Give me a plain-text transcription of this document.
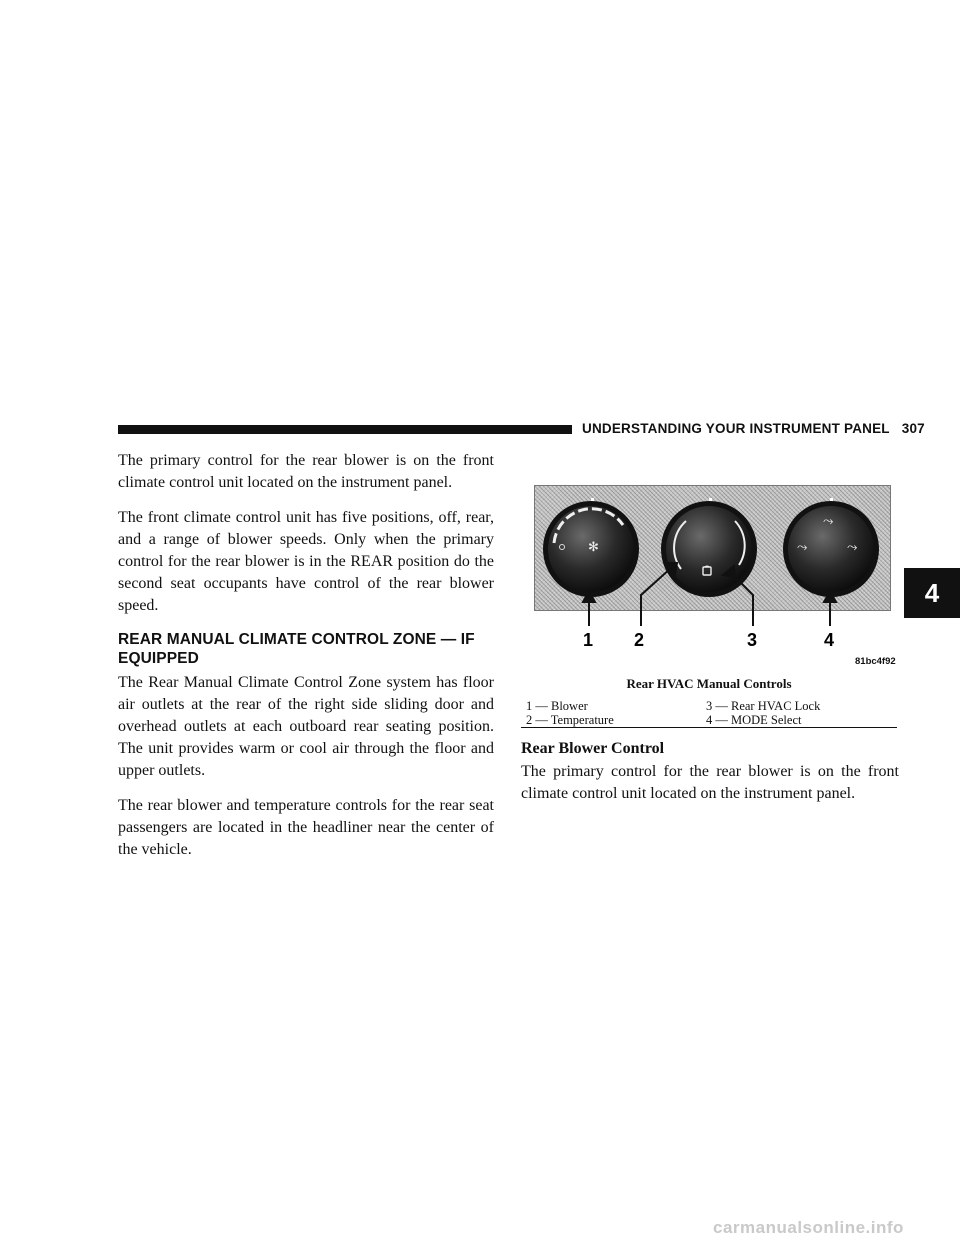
UNDERSTANDING YOUR INSTRUMENT PANEL 307
4

The primary control for the rear blower is on the front climate control unit located on the instrument panel.

The front climate control unit has five positions, off, rear, and a range of blower speeds. Only when the primary control for the rear blower is in the REAR position do the second seat occupants have control of the rear blower speed.

REAR MANUAL CLIMATE CONTROL ZONE — IF EQUIPPED

The Rear Manual Climate Control Zone system has floor air outlets at the rear of the right side sliding door and overhead outlets at each outboard rear seating position. The unit provides warm or cool air through the floor and upper outlets.

The rear blower and temperature controls for the rear seat passengers are located in the headliner near the center of the vehicle.

✻
⤳
⤳	⤳
1 2	3	4
81bc4f92
Rear HVAC Manual Controls
1 — Blower	3 — Rear HVAC Lock
2 — Temperature	4 — MODE Select
Rear Blower Control

The primary control for the rear blower is on the front climate control unit located on the instrument panel.

carmanualsonline.info
